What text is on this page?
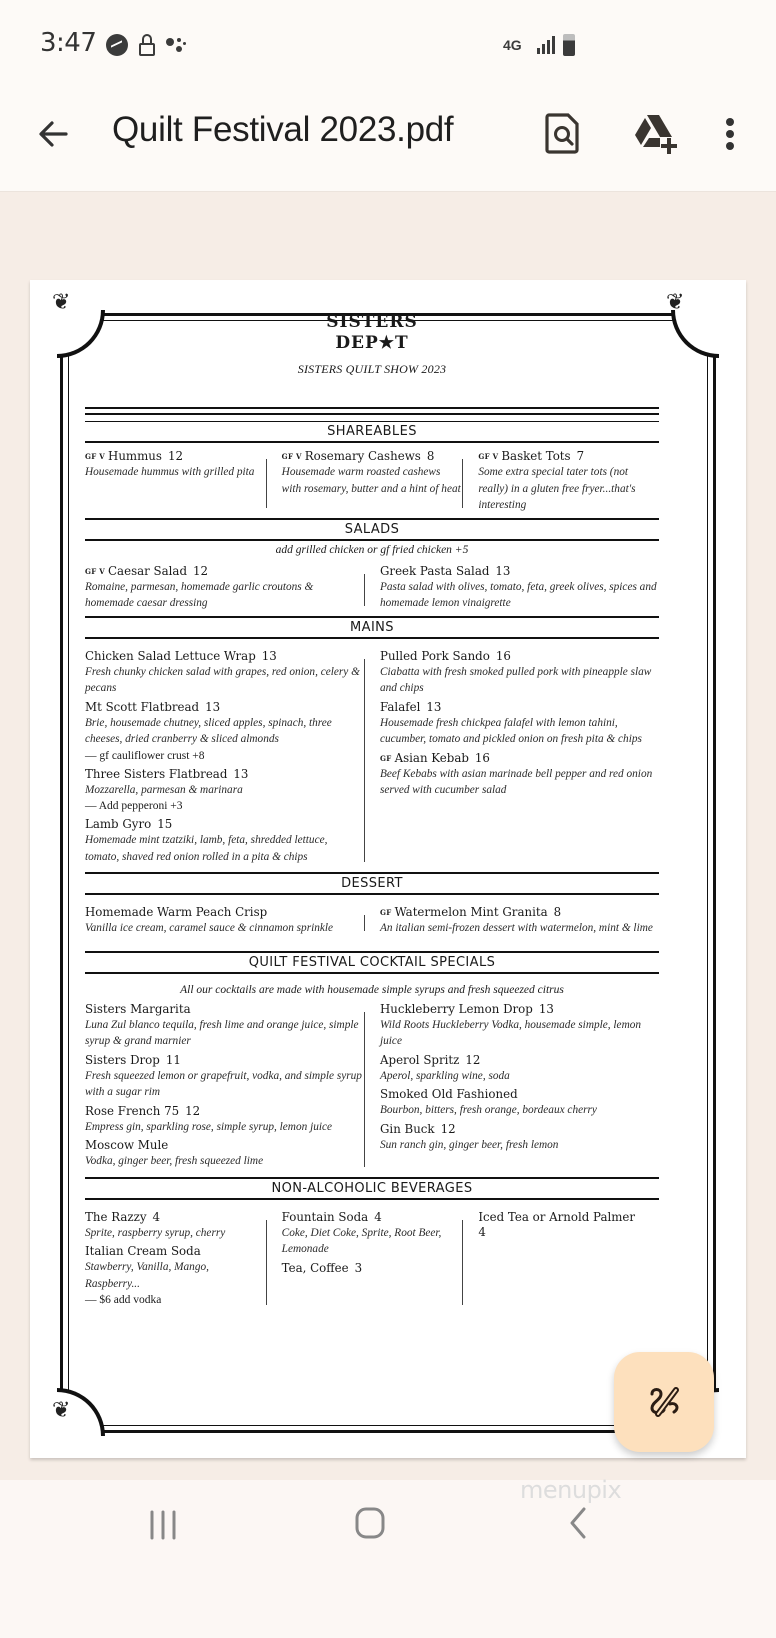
3:47	4G
Quilt Festival 2023.pdf
❦	❦
❦
SISTERS
DEP★T
SISTERS QUILT SHOW 2023
SHAREABLES
GF V Hummus 12
Housemade hummus with grilled pita
GF V Rosemary Cashews 8
Housemade warm roasted cashews with rosemary, butter and a hint of heat
GF V Basket Tots 7
Some extra special tater tots (not really) in a gluten free fryer...that's interesting
SALADS
add grilled chicken or gf fried chicken +5
GF V Caesar Salad 12
Romaine, parmesan, homemade garlic croutons & homemade caesar dressing
Greek Pasta Salad 13
Pasta salad with olives, tomato, feta, greek olives, spices and homemade lemon vinaigrette
MAINS
Chicken Salad Lettuce Wrap 13
Fresh chunky chicken salad with grapes, red onion, celery & pecans
Mt Scott Flatbread 13
Brie, housemade chutney, sliced apples, spinach, three cheeses, dried cranberry & sliced almonds
— gf cauliflower crust +8
Three Sisters Flatbread 13
Mozzarella, parmesan & marinara
— Add pepperoni +3
Lamb Gyro 15
Homemade mint tzatziki, lamb, feta, shredded lettuce, tomato, shaved red onion rolled in a pita & chips
Pulled Pork Sando 16
Ciabatta with fresh smoked pulled pork with pineapple slaw and chips
Falafel 13
Housemade fresh chickpea falafel with lemon tahini, cucumber, tomato and pickled onion on fresh pita & chips
GF Asian Kebab 16
Beef Kebabs with asian marinade bell pepper and red onion served with cucumber salad
DESSERT
Homemade Warm Peach Crisp
Vanilla ice cream, caramel sauce & cinnamon sprinkle
GF Watermelon Mint Granita 8
An italian semi-frozen dessert with watermelon, mint & lime
QUILT FESTIVAL COCKTAIL SPECIALS
All our cocktails are made with housemade simple syrups and fresh squeezed citrus
Sisters Margarita
Luna Zul blanco tequila, fresh lime and orange juice, simple syrup & grand marnier
Sisters Drop 11
Fresh squeezed lemon or grapefruit, vodka, and simple syrup with a sugar rim
Rose French 75 12
Empress gin, sparkling rose, simple syrup, lemon juice
Moscow Mule
Vodka, ginger beer, fresh squeezed lime
Huckleberry Lemon Drop 13
Wild Roots Huckleberry Vodka, housemade simple, lemon juice
Aperol Spritz 12
Aperol, sparkling wine, soda
Smoked Old Fashioned
Bourbon, bitters, fresh orange, bordeaux cherry
Gin Buck 12
Sun ranch gin, ginger beer, fresh lemon
NON-ALCOHOLIC BEVERAGES
The Razzy 4
Sprite, raspberry syrup, cherry
Italian Cream Soda
Stawberry, Vanilla, Mango, Raspberry...
— $6 add vodka
Fountain Soda 4
Coke, Diet Coke, Sprite, Root Beer, Lemonade
Tea, Coffee 3
Iced Tea or Arnold Palmer
4
menupix
